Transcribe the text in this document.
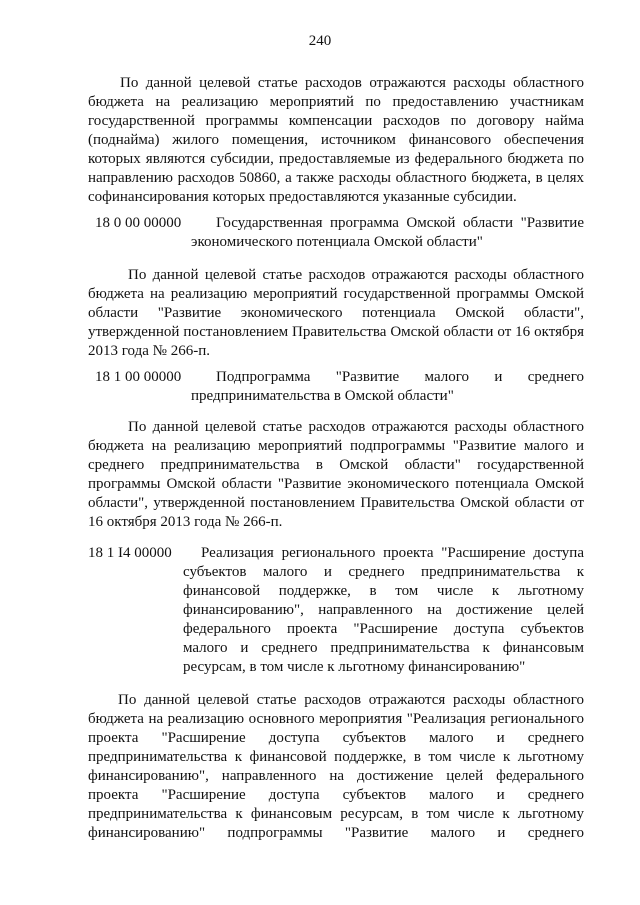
240
По данной целевой статье расходов отражаются расходы областного
бюджета на реализацию мероприятий по предоставлению участникам
государственной программы компенсации расходов по договору найма
(поднайма) жилого помещения, источником финансового обеспечения
которых являются субсидии, предоставляемые из федерального бюджета по
направлению расходов 50860, а также расходы областного бюджета, в целях
софинансирования которых предоставляются указанные субсидии.
18 0 00 00000 Государственная программа Омской области "Развитие
экономического потенциала Омской области"
По данной целевой статье расходов отражаются расходы областного
бюджета на реализацию мероприятий государственной программы Омской
области "Развитие экономического потенциала Омской области",
утвержденной постановлением Правительства Омской области от 16 октября
2013 года № 266-п.
18 1 00 00000 Подпрограмма "Развитие малого и среднего
предпринимательства в Омской области"
По данной целевой статье расходов отражаются расходы областного
бюджета на реализацию мероприятий подпрограммы "Развитие малого и
среднего предпринимательства в Омской области" государственной
программы Омской области "Развитие экономического потенциала Омской
области", утвержденной постановлением Правительства Омской области от
16 октября 2013 года № 266-п.
18 1 I4 00000 Реализация регионального проекта "Расширение доступа
субъектов малого и среднего предпринимательства к
финансовой поддержке, в том числе к льготному
финансированию", направленного на достижение целей
федерального проекта "Расширение доступа субъектов
малого и среднего предпринимательства к финансовым
ресурсам, в том числе к льготному финансированию"
По данной целевой статье расходов отражаются расходы областного
бюджета на реализацию основного мероприятия "Реализация регионального
проекта "Расширение доступа субъектов малого и среднего
предпринимательства к финансовой поддержке, в том числе к льготному
финансированию", направленного на достижение целей федерального
проекта "Расширение доступа субъектов малого и среднего
предпринимательства к финансовым ресурсам, в том числе к льготному
финансированию" подпрограммы "Развитие малого и среднего
